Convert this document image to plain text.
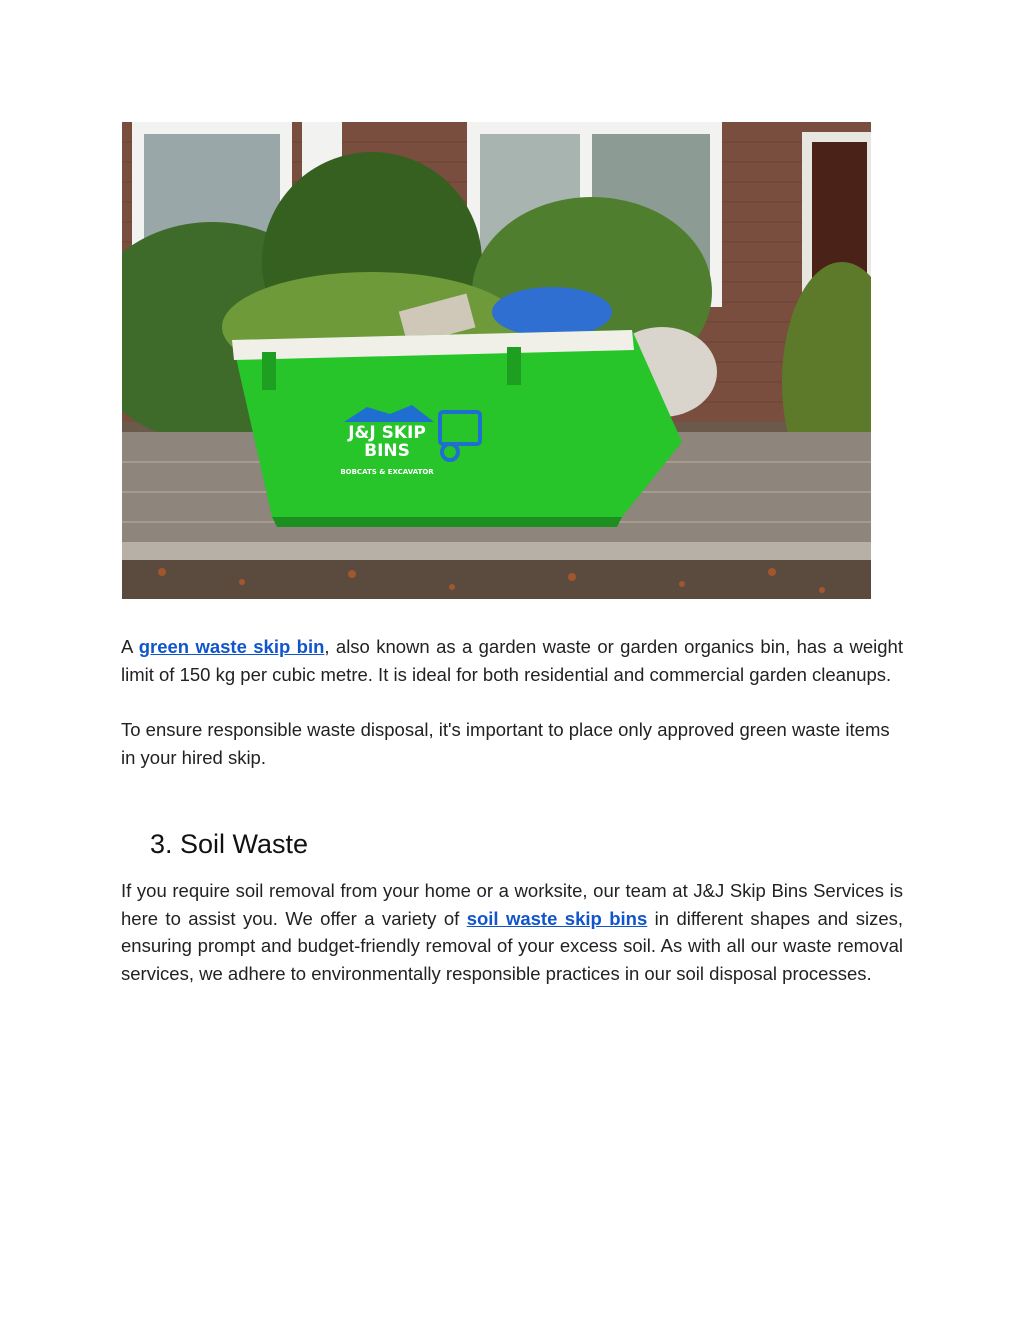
J&J SKIP
BINS
BOBCATS & EXCAVATOR

A green waste skip bin, also known as a garden waste or garden organics bin, has a weight limit of 150 kg per cubic metre. It is ideal for both residential and commercial garden cleanups.

To ensure responsible waste disposal, it's important to place only approved green waste items in your hired skip.

3. Soil Waste

If you require soil removal from your home or a worksite, our team at J&J Skip Bins Services is here to assist you. We offer a variety of soil waste skip bins in different shapes and sizes, ensuring prompt and budget-friendly removal of your excess soil. As with all our waste removal services, we adhere to environmentally responsible practices in our soil disposal processes.
